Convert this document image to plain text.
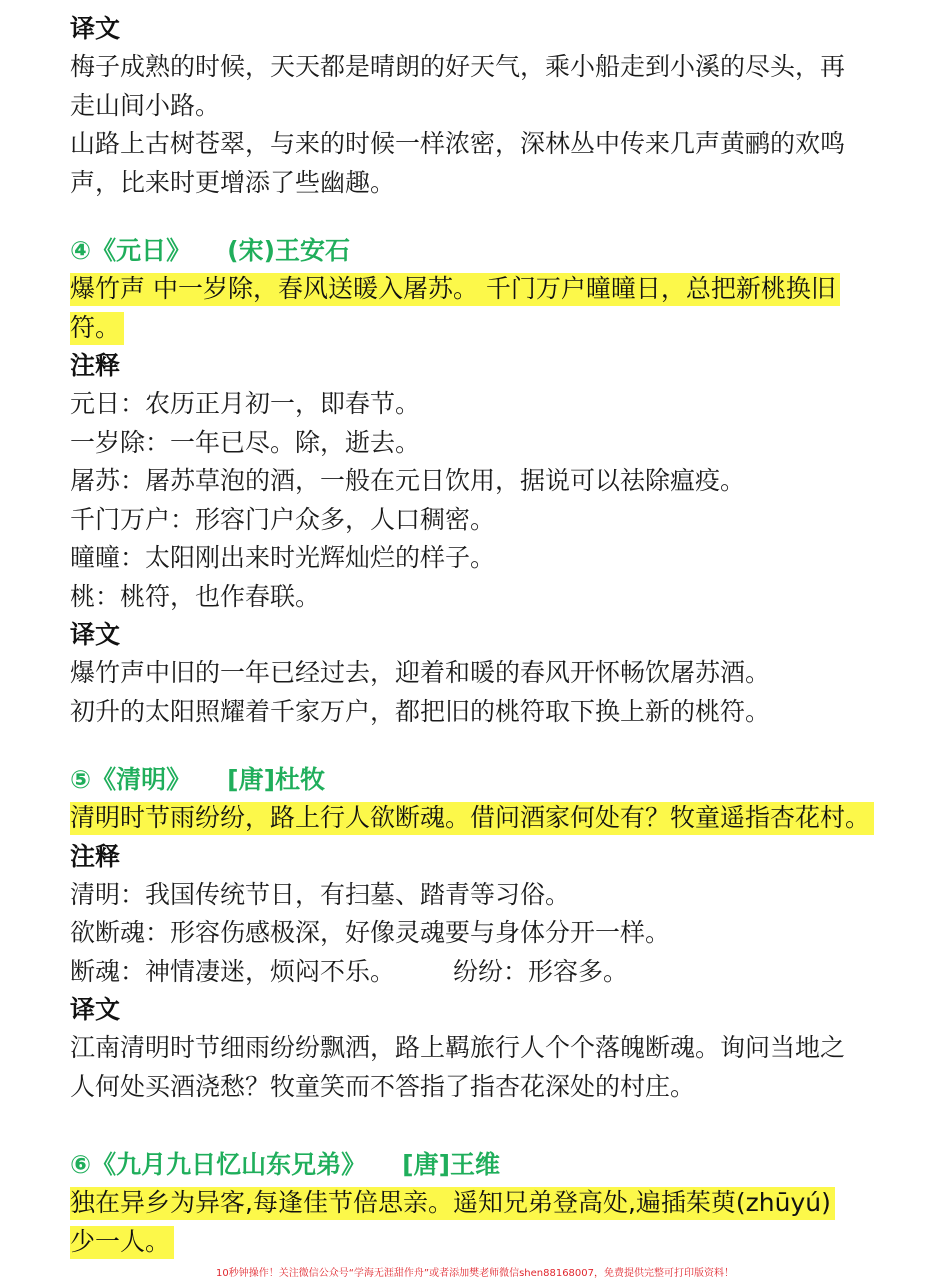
译文
梅子成熟的时候，天天都是晴朗的好天气，乘小船走到小溪的尽头，再
走山间小路。
山路上古树苍翠，与来的时候一样浓密，深林丛中传来几声黄鹂的欢鸣
声，比来时更增添了些幽趣。
④《元日》 (宋)王安石
爆竹声 中一岁除，春风送暖入屠苏。 千门万户曈曈日，总把新桃换旧
符。
注释
元日：农历正月初一，即春节。
一岁除：一年已尽。除，逝去。
屠苏：屠苏草泡的酒，一般在元日饮用，据说可以祛除瘟疫。
千门万户：形容门户众多，人口稠密。
曈曈：太阳刚出来时光辉灿烂的样子。
桃：桃符，也作春联。
译文
爆竹声中旧的一年已经过去，迎着和暖的春风开怀畅饮屠苏酒。
初升的太阳照耀着千家万户，都把旧的桃符取下换上新的桃符。
⑤《清明》 [唐]杜牧
清明时节雨纷纷，路上行人欲断魂。借问酒家何处有？牧童遥指杏花村。
注释
清明：我国传统节日，有扫墓、踏青等习俗。
欲断魂：形容伤感极深，好像灵魂要与身体分开一样。
断魂：神情凄迷，烦闷不乐。 纷纷：形容多。
译文
江南清明时节细雨纷纷飘洒，路上羁旅行人个个落魄断魂。询问当地之
人何处买酒浇愁？牧童笑而不答指了指杏花深处的村庄。
⑥《九月九日忆山东兄弟》 [唐]王维
独在异乡为异客,每逢佳节倍思亲。遥知兄弟登高处,遍插茱萸(zhūyú)
少一人。
10秒钟操作！关注微信公众号“学海无涯甜作舟”或者添加樊老师微信shen88168007，免费提供完整可打印版资料！
